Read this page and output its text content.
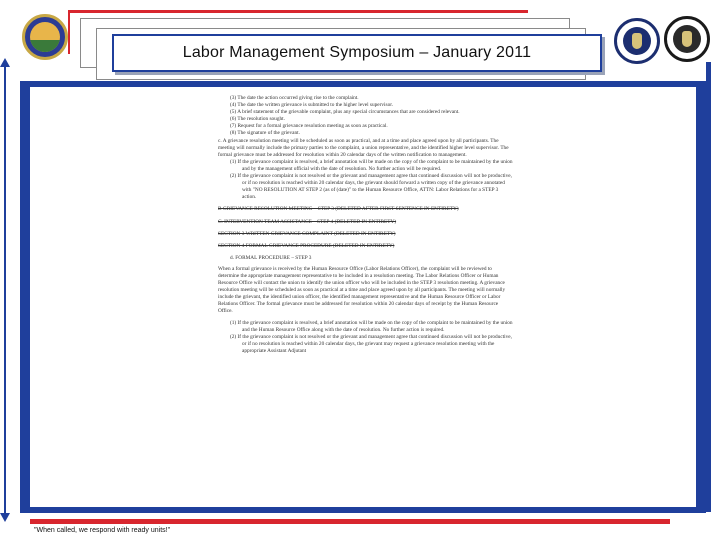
Labor Management Symposium – January 2011

(3) The date the action occurred giving rise to the complaint.

(4) The date the written grievance is submitted to the higher level supervisor.

(5) A brief statement of the grievable complaint, plus any special circumstances that are considered relevant.

(6) The resolution sought.

(7) Request for a formal grievance resolution meeting as soon as practical.

(8) The signature of the grievant.

c. A grievance resolution meeting will be scheduled as soon as practical, and at a time and place agreed upon by all participants. The meeting will normally include the primary parties to the complaint, a union representative, and the identified higher level supervisor. The formal grievance must be addressed for resolution within 20 calendar days of the written notification to management.

(1) If the grievance complaint is resolved, a brief annotation will be made on the copy of the complaint to be maintained by the union and by the management official with the date of resolution. No further action will be required.

(2) If the grievance complaint is not resolved or the grievant and management agree that continued discussion will not be productive, or if no resolution is reached within 20 calendar days, the grievant should forward a written copy of the grievance annotated with "NO RESOLUTION AT STEP 2 (as of (date)" to the Human Resource Office, ATTN: Labor Relations for a STEP 3 action.

B GRIEVANCE RESOLUTION MEETING – STEP 3 (DELETED AFTER FIRST SENTENCE IN ENTIRETY)

C. INTERVENTION TEAM ASSISTANCE – STEP 4 (DELETED IN ENTIRETY)

SECTION 3 WRITTEN GRIEVANCE COMPLAINT (DELETED IN ENTIRETY)

SECTION 4 FORMAL GRIEVANCE PROCEDURE (DELETED IN ENTIRETY)

d. FORMAL PROCEDURE – STEP 3

When a formal grievance is received by the Human Resource Office (Labor Relations Officer), the complaint will be reviewed to determine the appropriate management representative to be included in a resolution meeting. The Labor Relations Officer or Human Resource Office will contact the union to identify the union officer who will be included in the STEP 3 resolution meeting. A grievance resolution meeting will be scheduled as soon as practical at a time and place agreed upon by all participants. The meeting will normally include the grievant, the identified union officer, the identified management representative and the Human Resource Officer or Labor Relations Officer. The formal grievance must be addressed for resolution within 20 calendar days of receipt by the Human Resource Office.

(1) If the grievance complaint is resolved, a brief annotation will be made on the copy of the complaint to be maintained by the union and the Human Resource Office along with the date of resolution. No further action is required.

(2) If the grievance complaint is not resolved or the grievant and management agree that continued discussion will not be productive, or if no resolution is reached within 20 calendar days, the grievant may request a grievance resolution meeting with the appropriate Assistant Adjutant

"When called, we respond with ready units!"
